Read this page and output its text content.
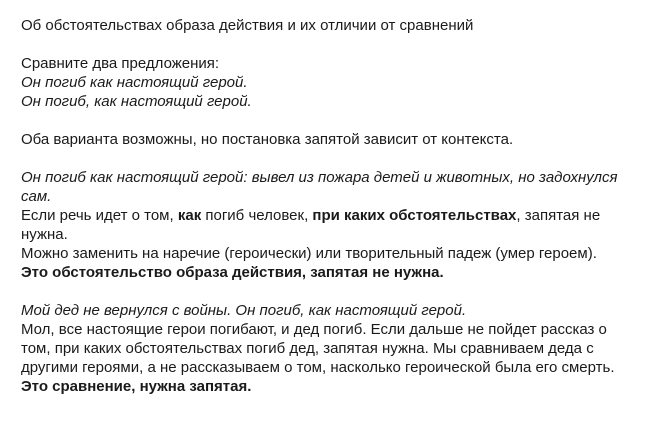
Об обстоятельствах образа действия и их отличии от сравнений
Сравните два предложения:
Он погиб как настоящий герой.
Он погиб, как настоящий герой.
Оба варианта возможны, но постановка запятой зависит от контекста.
Он погиб как настоящий герой: вывел из пожара детей и животных, но задохнулся
сам.
Если речь идет о том, как погиб человек, при каких обстоятельствах, запятая не
нужна.
Можно заменить на наречие (героически) или творительный падеж (умер героем).
Это обстоятельство образа действия, запятая не нужна.
Мой дед не вернулся с войны. Он погиб, как настоящий герой.
Мол, все настоящие герои погибают, и дед погиб. Если дальше не пойдет рассказ о
том, при каких обстоятельствах погиб дед, запятая нужна. Мы сравниваем деда с
другими героями, а не рассказываем о том, насколько героической была его смерть.
Это сравнение, нужна запятая.
